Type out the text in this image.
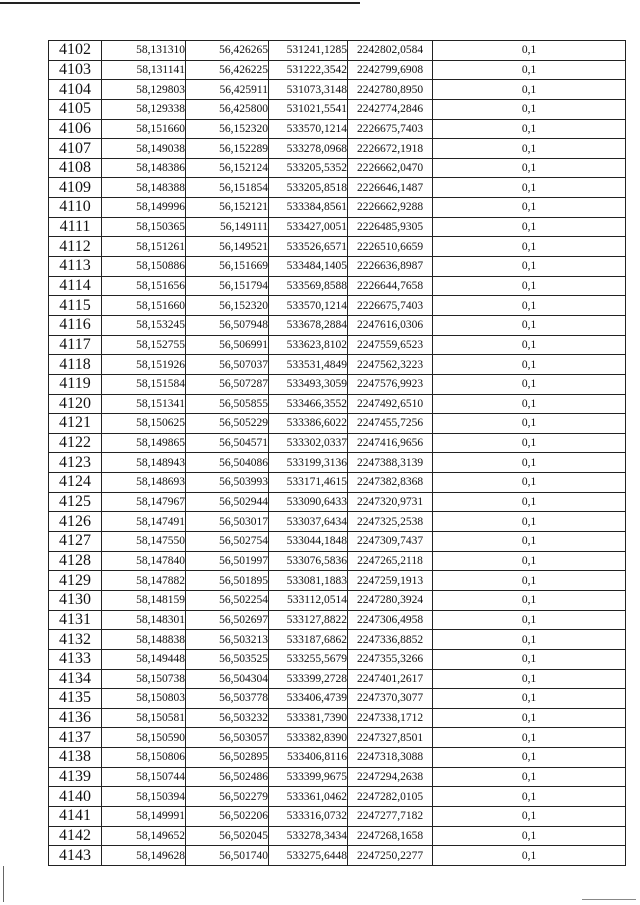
4102	58,131310	56,426265	531241,1285	2242802,0584	0,1
4103	58,131141	56,426225	531222,3542	2242799,6908	0,1
4104	58,129803	56,425911	531073,3148	2242780,8950	0,1
4105	58,129338	56,425800	531021,5541	2242774,2846	0,1
4106	58,151660	56,152320	533570,1214	2226675,7403	0,1
4107	58,149038	56,152289	533278,0968	2226672,1918	0,1
4108	58,148386	56,152124	533205,5352	2226662,0470	0,1
4109	58,148388	56,151854	533205,8518	2226646,1487	0,1
4110	58,149996	56,152121	533384,8561	2226662,9288	0,1
4111	58,150365	56,149111	533427,0051	2226485,9305	0,1
4112	58,151261	56,149521	533526,6571	2226510,6659	0,1
4113	58,150886	56,151669	533484,1405	2226636,8987	0,1
4114	58,151656	56,151794	533569,8588	2226644,7658	0,1
4115	58,151660	56,152320	533570,1214	2226675,7403	0,1
4116	58,153245	56,507948	533678,2884	2247616,0306	0,1
4117	58,152755	56,506991	533623,8102	2247559,6523	0,1
4118	58,151926	56,507037	533531,4849	2247562,3223	0,1
4119	58,151584	56,507287	533493,3059	2247576,9923	0,1
4120	58,151341	56,505855	533466,3552	2247492,6510	0,1
4121	58,150625	56,505229	533386,6022	2247455,7256	0,1
4122	58,149865	56,504571	533302,0337	2247416,9656	0,1
4123	58,148943	56,504086	533199,3136	2247388,3139	0,1
4124	58,148693	56,503993	533171,4615	2247382,8368	0,1
4125	58,147967	56,502944	533090,6433	2247320,9731	0,1
4126	58,147491	56,503017	533037,6434	2247325,2538	0,1
4127	58,147550	56,502754	533044,1848	2247309,7437	0,1
4128	58,147840	56,501997	533076,5836	2247265,2118	0,1
4129	58,147882	56,501895	533081,1883	2247259,1913	0,1
4130	58,148159	56,502254	533112,0514	2247280,3924	0,1
4131	58,148301	56,502697	533127,8822	2247306,4958	0,1
4132	58,148838	56,503213	533187,6862	2247336,8852	0,1
4133	58,149448	56,503525	533255,5679	2247355,3266	0,1
4134	58,150738	56,504304	533399,2728	2247401,2617	0,1
4135	58,150803	56,503778	533406,4739	2247370,3077	0,1
4136	58,150581	56,503232	533381,7390	2247338,1712	0,1
4137	58,150590	56,503057	533382,8390	2247327,8501	0,1
4138	58,150806	56,502895	533406,8116	2247318,3088	0,1
4139	58,150744	56,502486	533399,9675	2247294,2638	0,1
4140	58,150394	56,502279	533361,0462	2247282,0105	0,1
4141	58,149991	56,502206	533316,0732	2247277,7182	0,1
4142	58,149652	56,502045	533278,3434	2247268,1658	0,1
4143	58,149628	56,501740	533275,6448	2247250,2277	0,1
